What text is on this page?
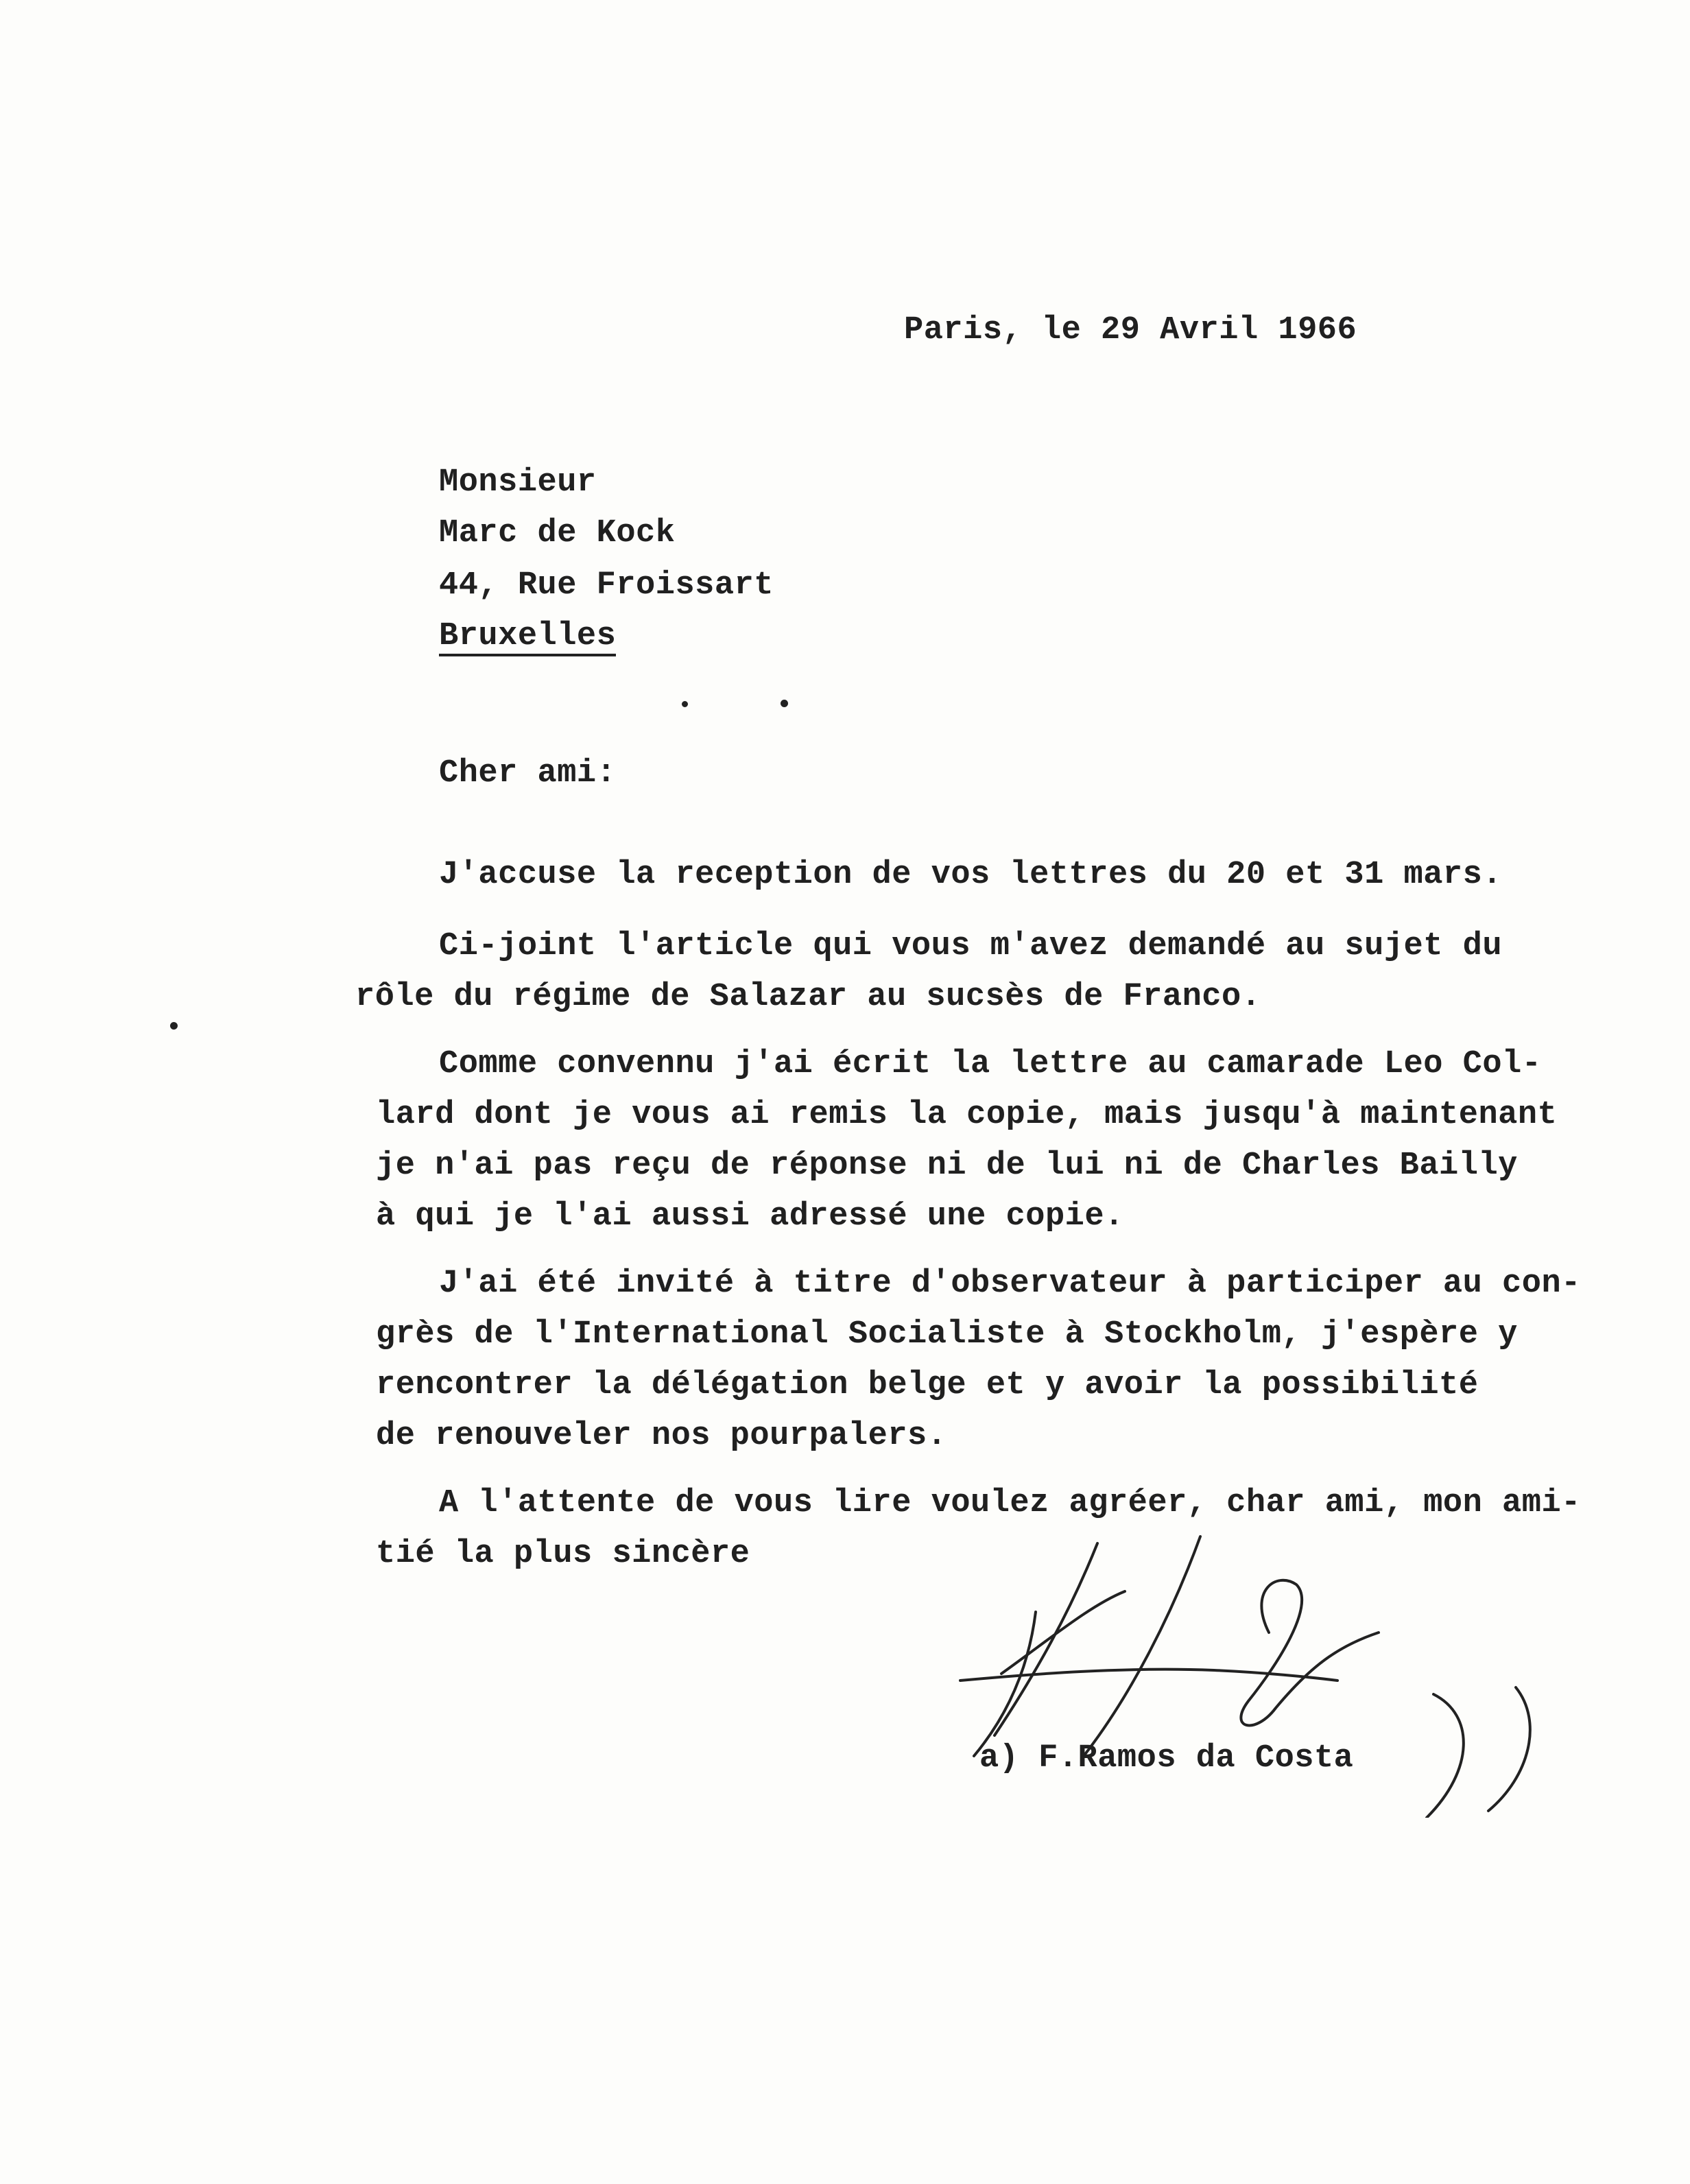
Paris, le 29 Avril 1966
Monsieur
Marc de Kock
44, Rue Froissart
Bruxelles
Cher ami:
J'accuse la reception de vos lettres du 20 et 31 mars.
Ci-joint l'article qui vous m'avez demandé au sujet du
rôle du régime de Salazar au sucsès de Franco.
Comme convennu j'ai écrit la lettre au camarade Leo Col-
lard dont je vous ai remis la copie, mais jusqu'à maintenant
je n'ai pas reçu de réponse ni de lui ni de Charles Bailly
à qui je l'ai aussi adressé une copie.
J'ai été invité à titre d'observateur à participer au con-
grès de l'International Socialiste à Stockholm, j'espère y
rencontrer la délégation belge et y avoir la possibilité
de renouveler nos pourpalers.
A l'attente de vous lire voulez agréer, char ami, mon ami-
tié la plus sincère
a) F.Ramos da Costa
